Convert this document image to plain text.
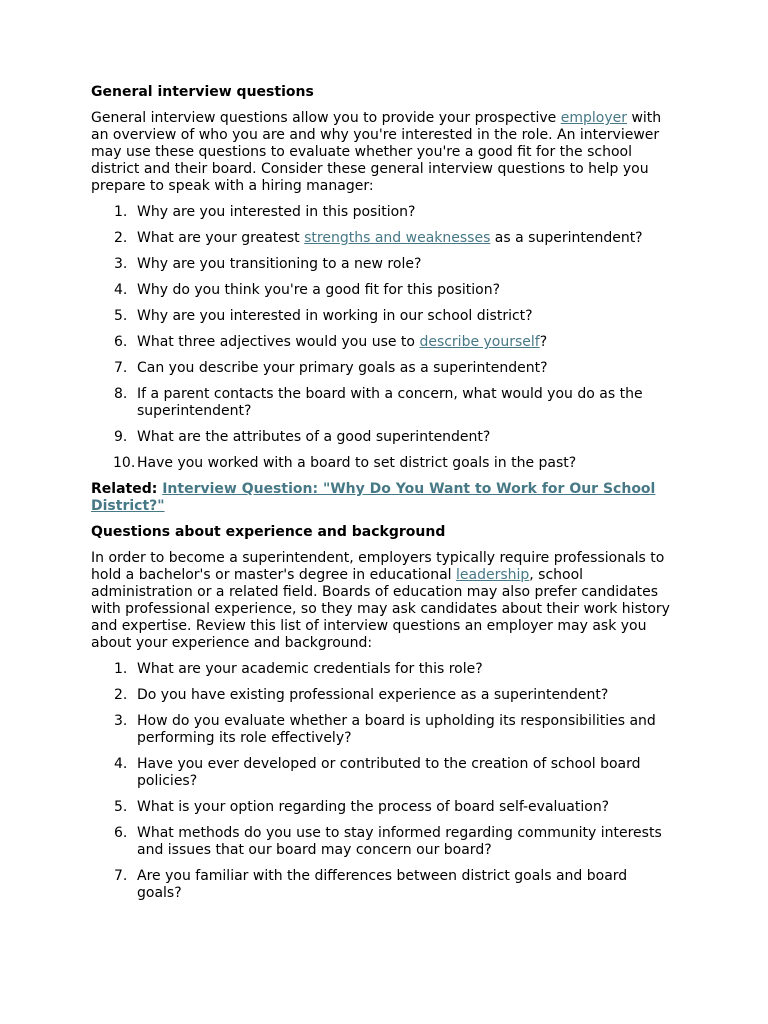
General interview questions

General interview questions allow you to provide your prospective employer with an overview of who you are and why you're interested in the role. An interviewer may use these questions to evaluate whether you're a good fit for the school district and their board. Consider these general interview questions to help you prepare to speak with a hiring manager:

1. Why are you interested in this position?
2. What are your greatest strengths and weaknesses as a superintendent?
3. Why are you transitioning to a new role?
4. Why do you think you're a good fit for this position?
5. Why are you interested in working in our school district?
6. What three adjectives would you use to describe yourself?
7. Can you describe your primary goals as a superintendent?
8. If a parent contacts the board with a concern, what would you do as the superintendent?
9. What are the attributes of a good superintendent?
10. Have you worked with a board to set district goals in the past?

Related: Interview Question: "Why Do You Want to Work for Our School District?"

Questions about experience and background

In order to become a superintendent, employers typically require professionals to hold a bachelor's or master's degree in educational leadership, school administration or a related field. Boards of education may also prefer candidates with professional experience, so they may ask candidates about their work history and expertise. Review this list of interview questions an employer may ask you about your experience and background:

1. What are your academic credentials for this role?
2. Do you have existing professional experience as a superintendent?
3. How do you evaluate whether a board is upholding its responsibilities and performing its role effectively?
4. Have you ever developed or contributed to the creation of school board policies?
5. What is your option regarding the process of board self-evaluation?
6. What methods do you use to stay informed regarding community interests and issues that our board may concern our board?
7. Are you familiar with the differences between district goals and board goals?
